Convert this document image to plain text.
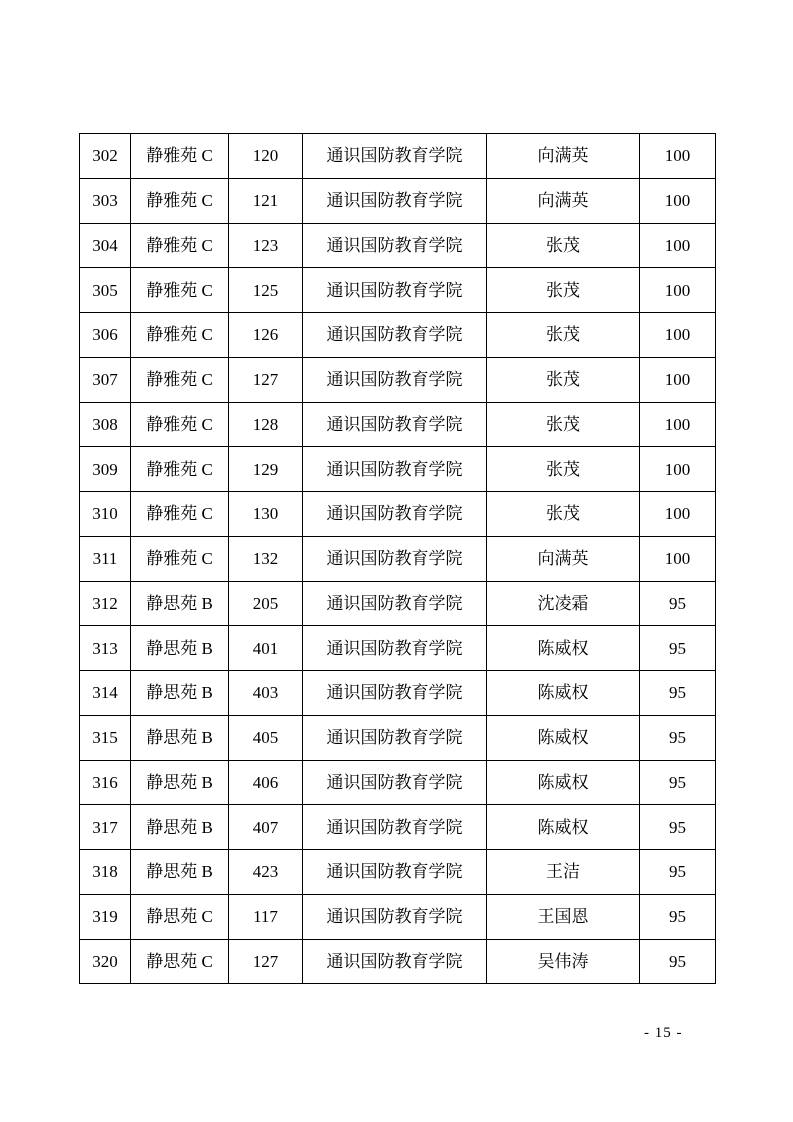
302	静雅苑 C	120	通识国防教育学院	向满英	100
303	静雅苑 C	121	通识国防教育学院	向满英	100
304	静雅苑 C	123	通识国防教育学院	张茂	100
305	静雅苑 C	125	通识国防教育学院	张茂	100
306	静雅苑 C	126	通识国防教育学院	张茂	100
307	静雅苑 C	127	通识国防教育学院	张茂	100
308	静雅苑 C	128	通识国防教育学院	张茂	100
309	静雅苑 C	129	通识国防教育学院	张茂	100
310	静雅苑 C	130	通识国防教育学院	张茂	100
311	静雅苑 C	132	通识国防教育学院	向满英	100
312	静思苑 B	205	通识国防教育学院	沈凌霜	95
313	静思苑 B	401	通识国防教育学院	陈威权	95
314	静思苑 B	403	通识国防教育学院	陈威权	95
315	静思苑 B	405	通识国防教育学院	陈威权	95
316	静思苑 B	406	通识国防教育学院	陈威权	95
317	静思苑 B	407	通识国防教育学院	陈威权	95
318	静思苑 B	423	通识国防教育学院	王洁	95
319	静思苑 C	117	通识国防教育学院	王国恩	95
320	静思苑 C	127	通识国防教育学院	吴伟涛	95
- 15 -
